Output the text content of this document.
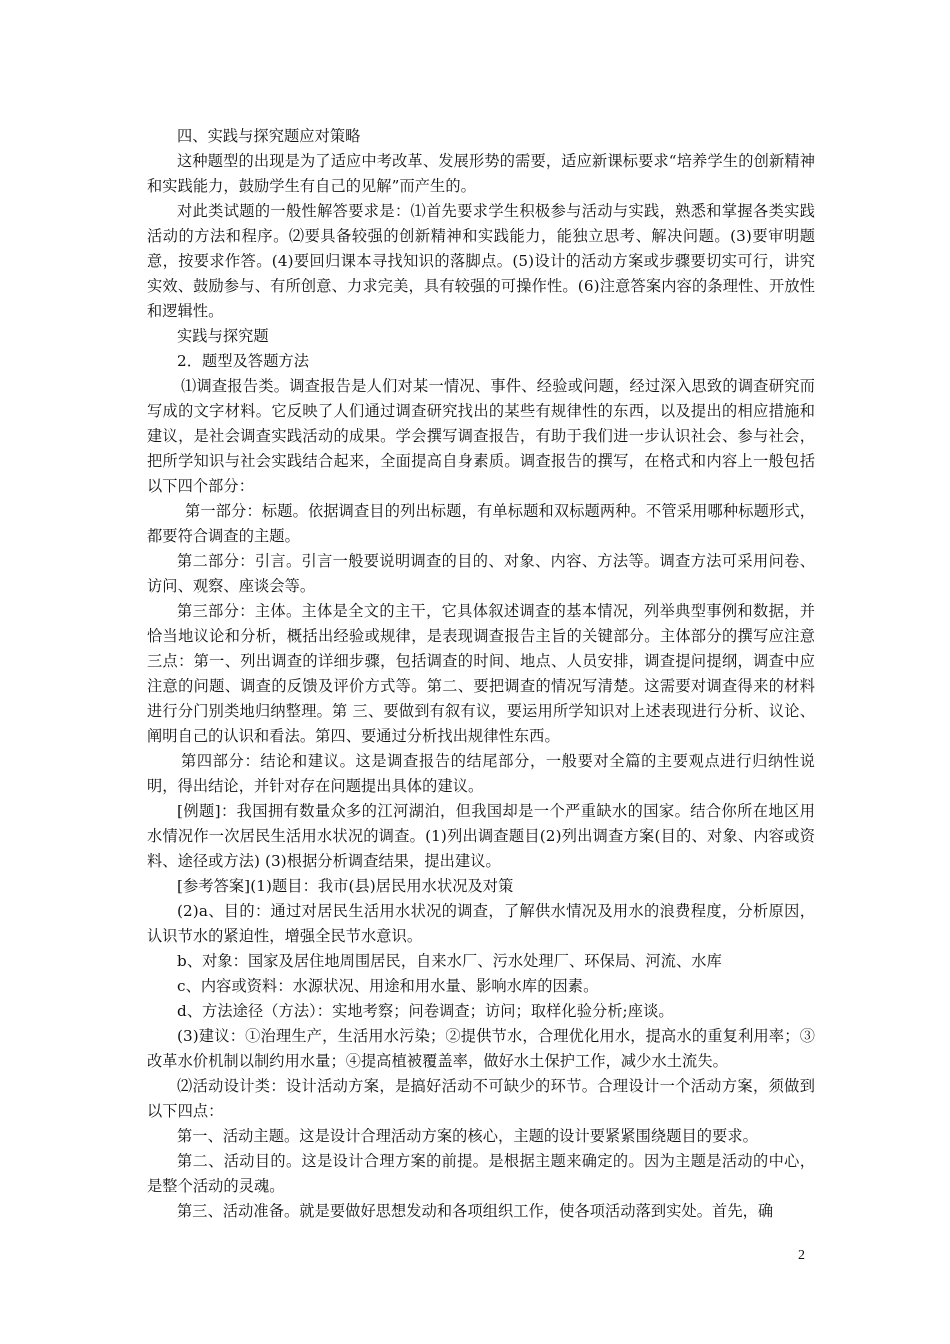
四、实践与探究题应对策略

这种题型的出现是为了适应中考改革、发展形势的需要，适应新课标要求“培养学生的创新精神和实践能力，鼓励学生有自己的见解”而产生的。

对此类试题的一般性解答要求是：⑴首先要求学生积极参与活动与实践，熟悉和掌握各类实践活动的方法和程序。⑵要具备较强的创新精神和实践能力，能独立思考、解决问题。(3)要审明题意，按要求作答。(4)要回归课本寻找知识的落脚点。(5)设计的活动方案或步骤要切实可行，讲究实效、鼓励参与、有所创意、力求完美，具有较强的可操作性。(6)注意答案内容的条理性、开放性和逻辑性。

实践与探究题

2．题型及答题方法

⑴调查报告类。调查报告是人们对某一情况、事件、经验或问题，经过深入思致的调查研究而写成的文字材料。它反映了人们通过调查研究找出的某些有规律性的东西，以及提出的相应措施和建议，是社会调查实践活动的成果。学会撰写调查报告，有助于我们进一步认识社会、参与社会，把所学知识与社会实践结合起来，全面提高自身素质。调查报告的撰写，在格式和内容上一般包括以下四个部分：

第一部分：标题。依据调查目的列出标题，有单标题和双标题两种。不管采用哪种标题形式，都要符合调查的主题。

第二部分：引言。引言一般要说明调查的目的、对象、内容、方法等。调查方法可采用问卷、访问、观察、座谈会等。

第三部分：主体。主体是全文的主干，它具体叙述调查的基本情况，列举典型事例和数据，并恰当地议论和分析，概括出经验或规律，是表现调查报告主旨的关键部分。主体部分的撰写应注意三点：第一、列出调查的详细步骤，包括调查的时间、地点、人员安排，调查提问提纲，调查中应注意的问题、调查的反馈及评价方式等。第二、要把调查的情况写清楚。这需要对调查得来的材料进行分门别类地归纳整理。第 三、要做到有叙有议，要运用所学知识对上述表现进行分析、议论、阐明自己的认识和看法。第四、要通过分析找出规律性东西。

第四部分：结论和建议。这是调查报告的结尾部分，一般要对全篇的主要观点进行归纳性说明，得出结论，并针对存在问题提出具体的建议。

[例题]：我国拥有数量众多的江河湖泊，但我国却是一个严重缺水的国家。结合你所在地区用水情况作一次居民生活用水状况的调查。(1)列出调查题目(2)列出调查方案(目的、对象、内容或资料、途径或方法) (3)根据分析调查结果，提出建议。

[参考答案](1)题目：我市(县)居民用水状况及对策

(2)a、目的：通过对居民生活用水状况的调查，了解供水情况及用水的浪费程度，分析原因，认识节水的紧迫性，增强全民节水意识。

b、对象：国家及居住地周围居民，自来水厂、污水处理厂、环保局、河流、水库

c、内容或资料：水源状况、用途和用水量、影响水库的因素。

d、方法途径（方法）：实地考察；问卷调查；访问；取样化验分析;座谈。

(3)建议：①治理生产，生活用水污染；②提供节水，合理优化用水，提高水的重复利用率；③改革水价机制以制约用水量；④提高植被覆盖率，做好水土保护工作，减少水土流失。

⑵活动设计类：设计活动方案，是搞好活动不可缺少的环节。合理设计一个活动方案，须做到以下四点：

第一、活动主题。这是设计合理活动方案的核心，主题的设计要紧紧围绕题目的要求。

第二、活动目的。这是设计合理方案的前提。是根据主题来确定的。因为主题是活动的中心，是整个活动的灵魂。

第三、活动准备。就是要做好思想发动和各项组织工作，使各项活动落到实处。首先，确

2
